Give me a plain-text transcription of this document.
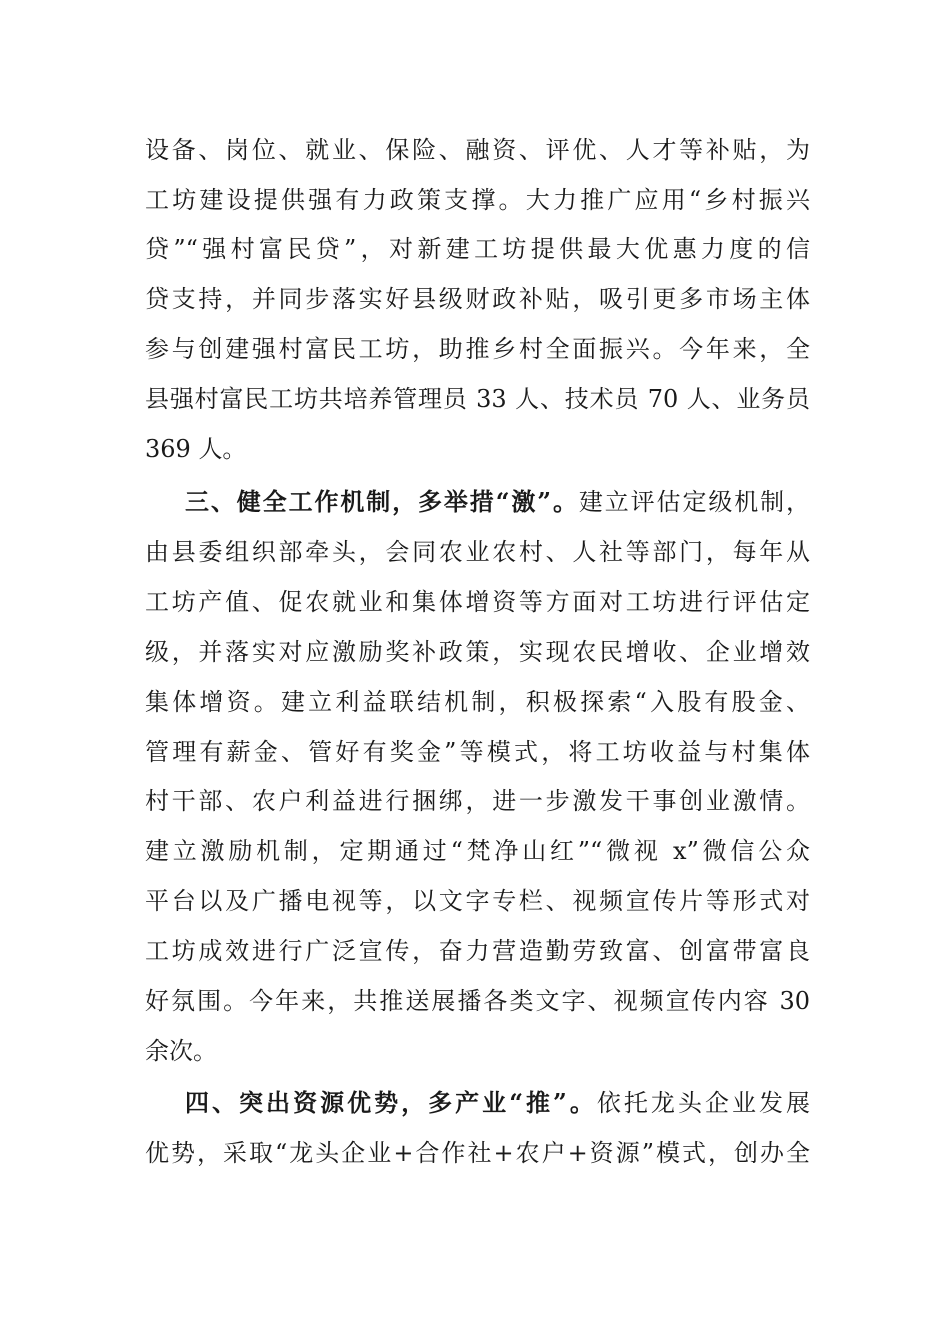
设备、岗位、就业、保险、融资、评优、人才等补贴，为
工坊建设提供强有力政策支撑。大力推广应用“乡村振兴
贷”“强村富民贷”，对新建工坊提供最大优惠力度的信
贷支持，并同步落实好县级财政补贴，吸引更多市场主体
参与创建强村富民工坊，助推乡村全面振兴。今年来，全
县强村富民工坊共培养管理员 33 人、技术员 70 人、业务员
369 人。
三、健全工作机制，多举措“激”。建立评估定级机制，
由县委组织部牵头，会同农业农村、人社等部门，每年从
工坊产值、促农就业和集体增资等方面对工坊进行评估定
级，并落实对应激励奖补政策，实现农民增收、企业增效
集体增资。建立利益联结机制，积极探索“入股有股金、
管理有薪金、管好有奖金”等模式，将工坊收益与村集体
村干部、农户利益进行捆绑，进一步激发干事创业激情。
建立激励机制，定期通过“梵净山红”“微视 x”微信公众
平台以及广播电视等，以文字专栏、视频宣传片等形式对
工坊成效进行广泛宣传，奋力营造勤劳致富、创富带富良
好氛围。今年来，共推送展播各类文字、视频宣传内容 30
余次。
四、突出资源优势，多产业“推”。依托龙头企业发展
优势，采取“龙头企业+合作社+农户+资源”模式，创办全
